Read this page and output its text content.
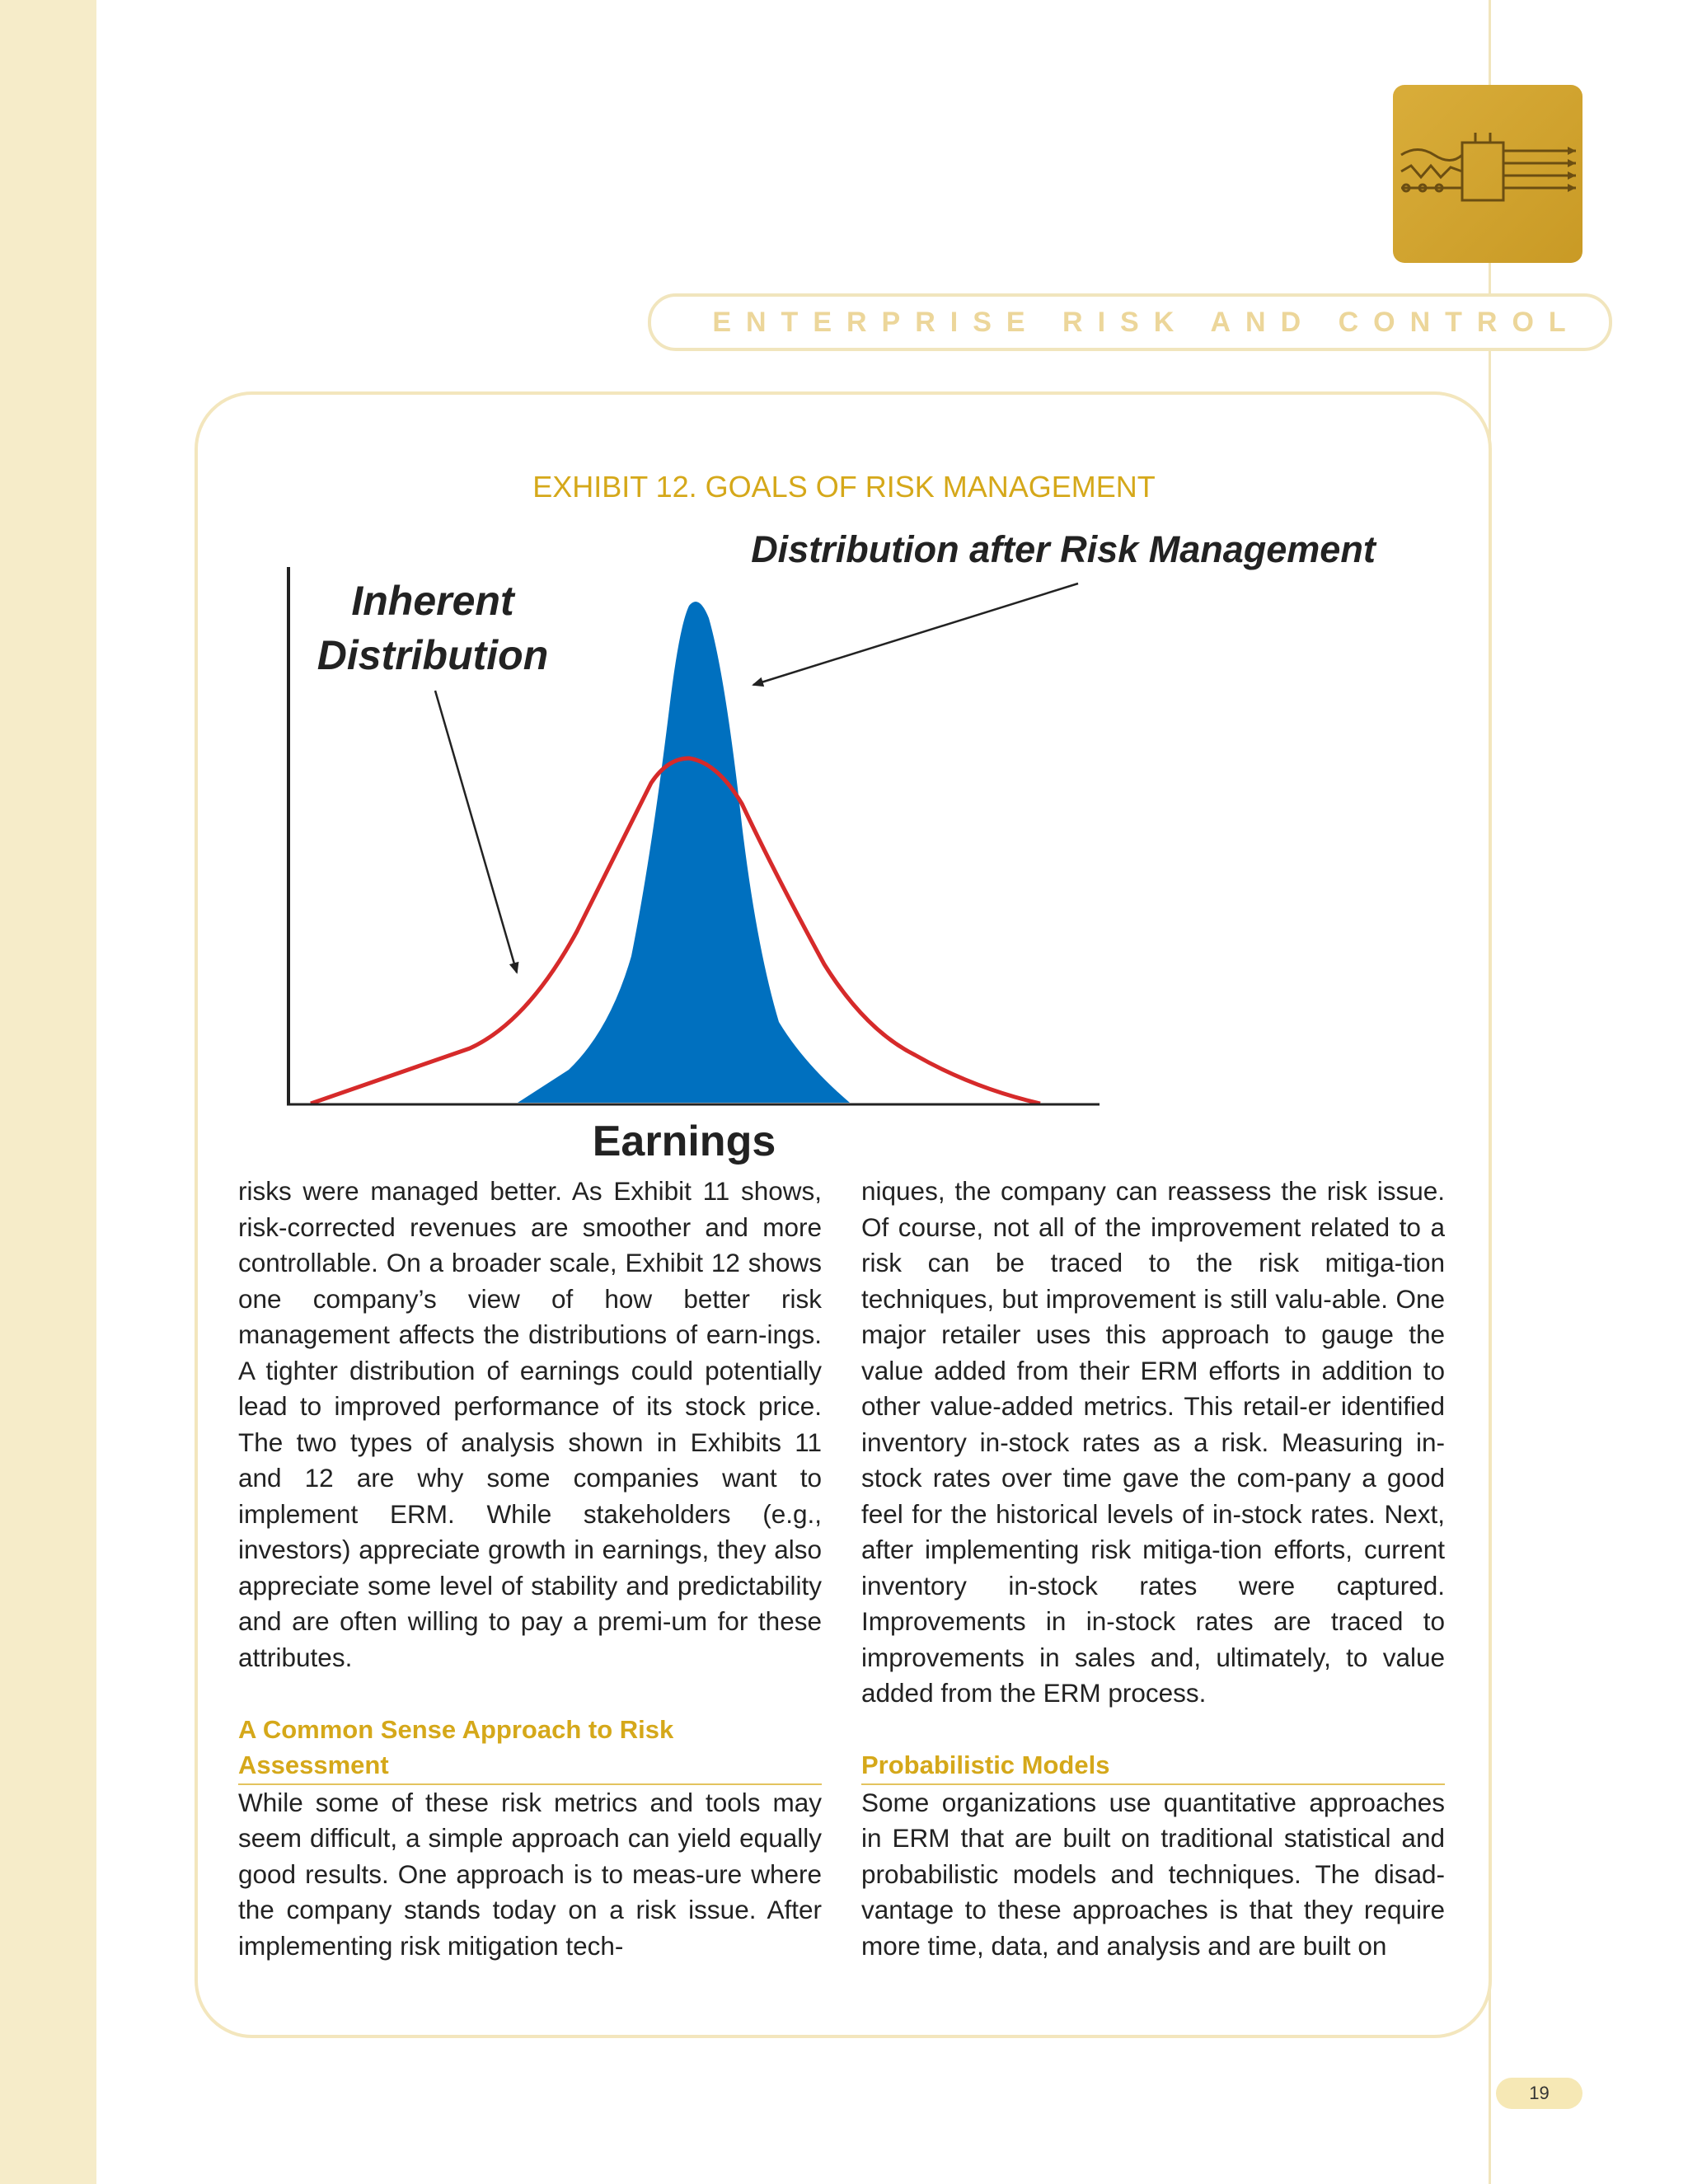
ENTERPRISE RISK AND CONTROL
EXHIBIT 12. GOALS OF RISK MANAGEMENT
Distribution after Risk Management
Inherent
Distribution
Earnings

risks were managed better. As Exhibit 11 shows, risk-corrected revenues are smoother and more controllable. On a broader scale, Exhibit 12 shows one company’s view of how better risk management affects the distributions of earn-ings. A tighter distribution of earnings could potentially lead to improved performance of its stock price. The two types of analysis shown in Exhibits 11 and 12 are why some companies want to implement ERM. While stakeholders (e.g., investors) appreciate growth in earnings, they also appreciate some level of stability and predictability and are often willing to pay a premi-um for these attributes.

A Common Sense Approach to Risk Assessment

While some of these risk metrics and tools may seem difficult, a simple approach can yield equally good results. One approach is to meas-ure where the company stands today on a risk issue. After implementing risk mitigation tech-

niques, the company can reassess the risk issue. Of course, not all of the improvement related to a risk can be traced to the risk mitiga-tion techniques, but improvement is still valu-able. One major retailer uses this approach to gauge the value added from their ERM efforts in addition to other value-added metrics. This retail-er identified inventory in-stock rates as a risk. Measuring in-stock rates over time gave the com-pany a good feel for the historical levels of in-stock rates. Next, after implementing risk mitiga-tion efforts, current inventory in-stock rates were captured. Improvements in in-stock rates are traced to improvements in sales and, ultimately, to value added from the ERM process.

Probabilistic Models

Some organizations use quantitative approaches in ERM that are built on traditional statistical and probabilistic models and techniques. The disad-vantage to these approaches is that they require more time, data, and analysis and are built on

19
